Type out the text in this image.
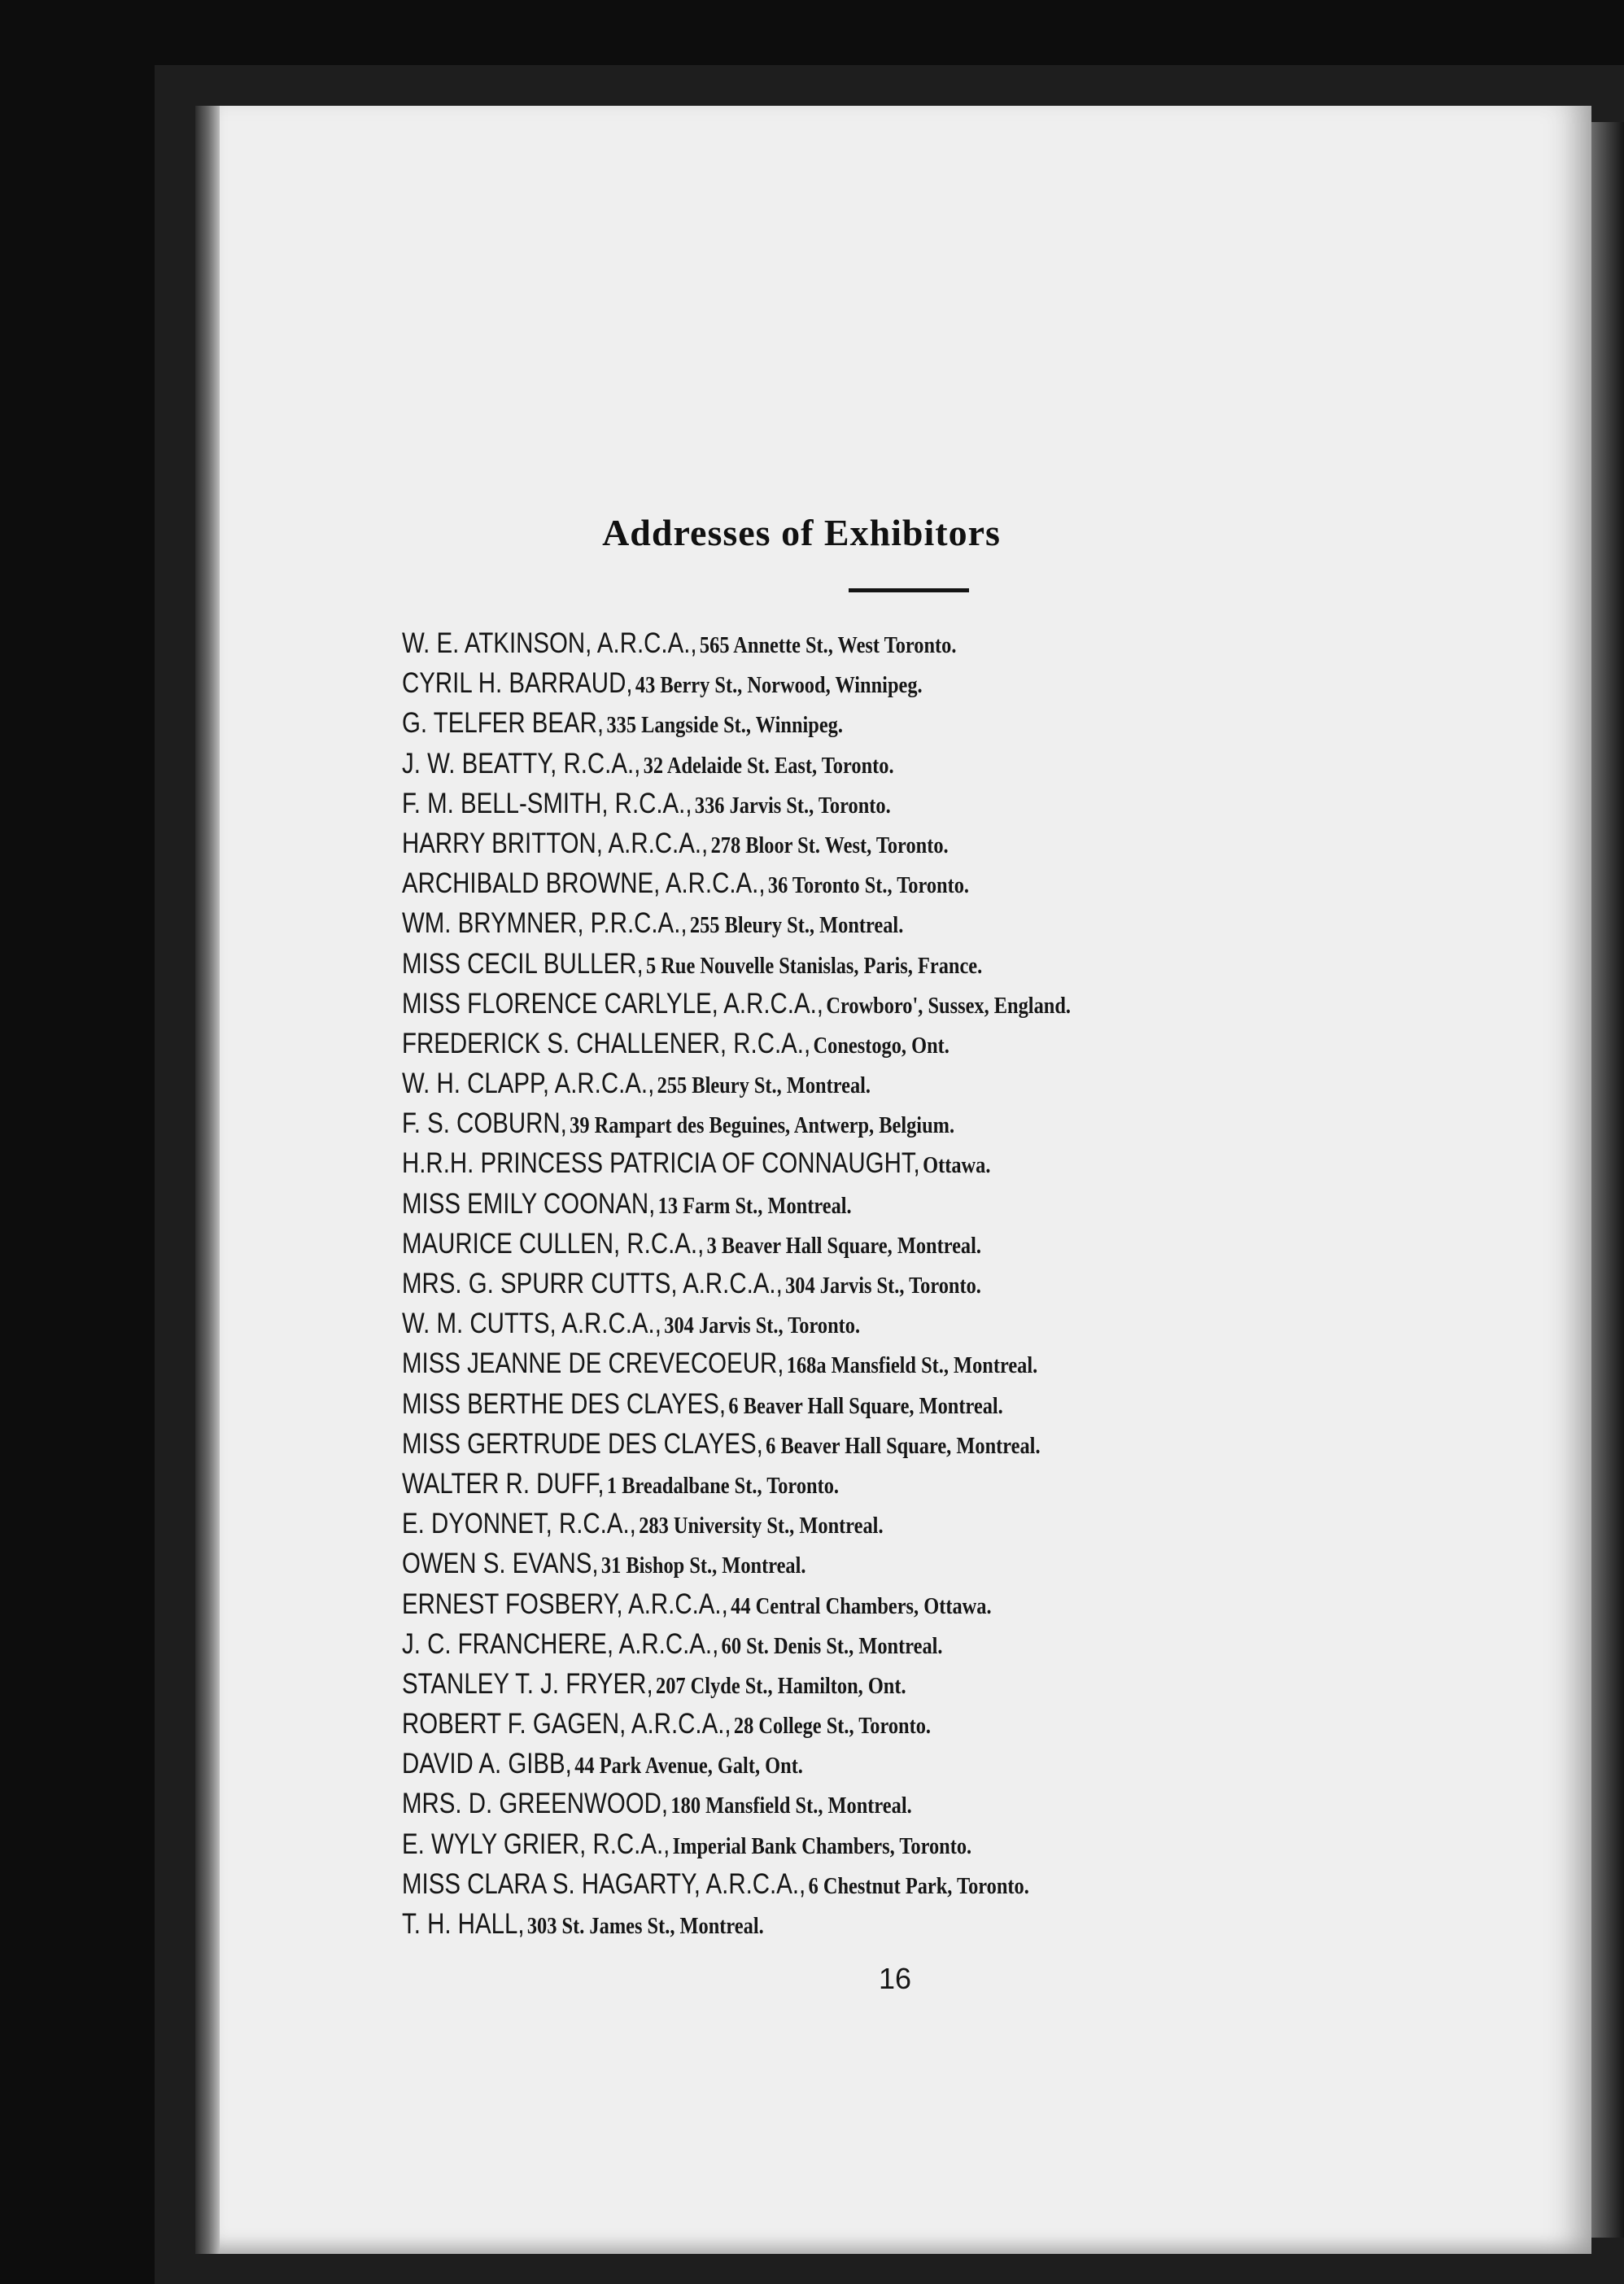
Addresses of Exhibitors
W. E. ATKINSON, A.R.C.A., 565 Annette St., West Toronto.
CYRIL H. BARRAUD, 43 Berry St., Norwood, Winnipeg.
G. TELFER BEAR, 335 Langside St., Winnipeg.
J. W. BEATTY, R.C.A., 32 Adelaide St. East, Toronto.
F. M. BELL-SMITH, R.C.A., 336 Jarvis St., Toronto.
HARRY BRITTON, A.R.C.A., 278 Bloor St. West, Toronto.
ARCHIBALD BROWNE, A.R.C.A., 36 Toronto St., Toronto.
WM. BRYMNER, P.R.C.A., 255 Bleury St., Montreal.
MISS CECIL BULLER, 5 Rue Nouvelle Stanislas, Paris, France.
MISS FLORENCE CARLYLE, A.R.C.A., Crowboro', Sussex, England.
FREDERICK S. CHALLENER, R.C.A., Conestogo, Ont.
W. H. CLAPP, A.R.C.A., 255 Bleury St., Montreal.
F. S. COBURN, 39 Rampart des Beguines, Antwerp, Belgium.
H.R.H. PRINCESS PATRICIA OF CONNAUGHT, Ottawa.
MISS EMILY COONAN, 13 Farm St., Montreal.
MAURICE CULLEN, R.C.A., 3 Beaver Hall Square, Montreal.
MRS. G. SPURR CUTTS, A.R.C.A., 304 Jarvis St., Toronto.
W. M. CUTTS, A.R.C.A., 304 Jarvis St., Toronto.
MISS JEANNE DE CREVECOEUR, 168a Mansfield St., Montreal.
MISS BERTHE DES CLAYES, 6 Beaver Hall Square, Montreal.
MISS GERTRUDE DES CLAYES, 6 Beaver Hall Square, Montreal.
WALTER R. DUFF, 1 Breadalbane St., Toronto.
E. DYONNET, R.C.A., 283 University St., Montreal.
OWEN S. EVANS, 31 Bishop St., Montreal.
ERNEST FOSBERY, A.R.C.A., 44 Central Chambers, Ottawa.
J. C. FRANCHERE, A.R.C.A., 60 St. Denis St., Montreal.
STANLEY T. J. FRYER, 207 Clyde St., Hamilton, Ont.
ROBERT F. GAGEN, A.R.C.A., 28 College St., Toronto.
DAVID A. GIBB, 44 Park Avenue, Galt, Ont.
MRS. D. GREENWOOD, 180 Mansfield St., Montreal.
E. WYLY GRIER, R.C.A., Imperial Bank Chambers, Toronto.
MISS CLARA S. HAGARTY, A.R.C.A., 6 Chestnut Park, Toronto.
T. H. HALL, 303 St. James St., Montreal.
16
